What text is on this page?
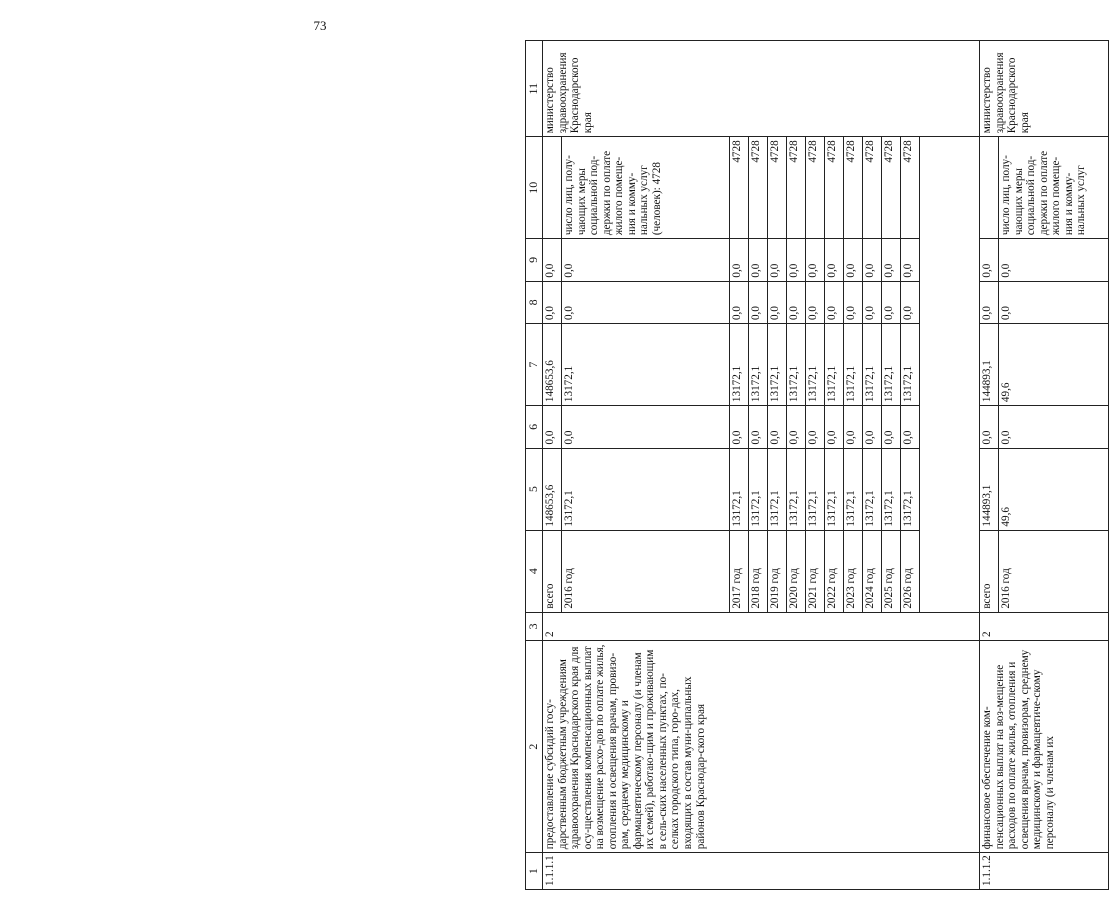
73
1	2	3	4	5	6	7	8	9	10	11
1.1.1.1	предоставление субсидий госу-дарственным бюджетным учреждениям здравоохранения Краснодарского края для осу-ществления компенсационных выплат на возмещение расхо-дов по оплате жилья, отопления и освещения врачам, провизо-рам, среднему медицинскому и фармацевтическому персоналу (и членам их семей), работаю-щим и проживающим в сель-ских населенных пунктах, по-селках городского типа, горо-дах, входящих в состав муни-ципальных районов Краснодар-ского края	2	всего	148653,6	0,0	148653,6	0,0	0,0		министерство здравоохранения Краснодарского края
			2016 год	13172,1	0,0	13172,1	0,0	0,0	число лиц, полу-чающих меры социальной под-держки по оплате жилого помеще-ния и комму-нальных услуг (человек): 4728	
			2017 год	13172,1	0,0	13172,1	0,0	0,0	4728	
			2018 год	13172,1	0,0	13172,1	0,0	0,0	4728	
			2019 год	13172,1	0,0	13172,1	0,0	0,0	4728	
			2020 год	13172,1	0,0	13172,1	0,0	0,0	4728	
			2021 год	13172,1	0,0	13172,1	0,0	0,0	4728	
			2022 год	13172,1	0,0	13172,1	0,0	0,0	4728	
			2023 год	13172,1	0,0	13172,1	0,0	0,0	4728	
			2024 год	13172,1	0,0	13172,1	0,0	0,0	4728	
			2025 год	13172,1	0,0	13172,1	0,0	0,0	4728	
			2026 год	13172,1	0,0	13172,1	0,0	0,0	4728	

1.1.1.2	финансовое обеспечение ком-пенсационных выплат на воз-мещение расходов по оплате жилья, отопления и освещения врачам, провизорам, среднему медицинскому и фармацевтиче-скому персоналу (и членам их	2	всего	144893,1	0,0	144893,1	0,0	0,0		министерство здравоохранения Краснодарского края
			2016 год	49,6	0,0	49,6	0,0	0,0	число лиц, полу-чающих меры социальной под-держки по оплате жилого помеще-ния и комму-нальных услуг	
